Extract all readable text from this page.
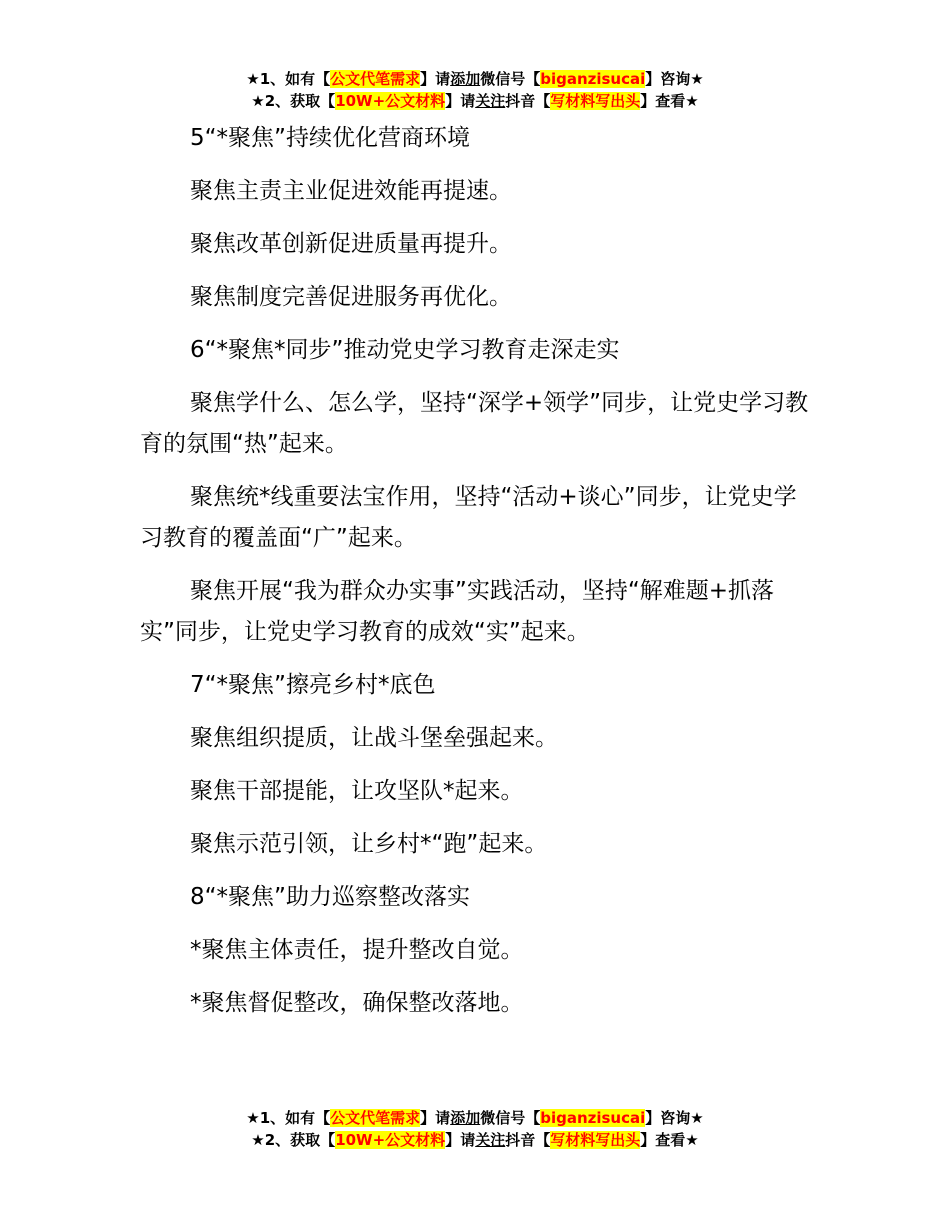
★1、如有【公文代笔需求】请添加微信号【biganzisucai】咨询★
★2、获取【10W+公文材料】请关注抖音【写材料写出头】查看★

5“*聚焦”持续优化营商环境

聚焦主责主业促进效能再提速。

聚焦改革创新促进质量再提升。

聚焦制度完善促进服务再优化。

6“*聚焦*同步”推动党史学习教育走深走实

聚焦学什么、怎么学，坚持“深学+领学”同步，让党史学习教育的氛围“热”起来。

聚焦统*线重要法宝作用，坚持“活动+谈心”同步，让党史学习教育的覆盖面“广”起来。

聚焦开展“我为群众办实事”实践活动，坚持“解难题+抓落实”同步，让党史学习教育的成效“实”起来。

7“*聚焦”擦亮乡村*底色

聚焦组织提质，让战斗堡垒强起来。

聚焦干部提能，让攻坚队*起来。

聚焦示范引领，让乡村*“跑”起来。

8“*聚焦”助力巡察整改落实

*聚焦主体责任，提升整改自觉。

*聚焦督促整改，确保整改落地。

★1、如有【公文代笔需求】请添加微信号【biganzisucai】咨询★
★2、获取【10W+公文材料】请关注抖音【写材料写出头】查看★
